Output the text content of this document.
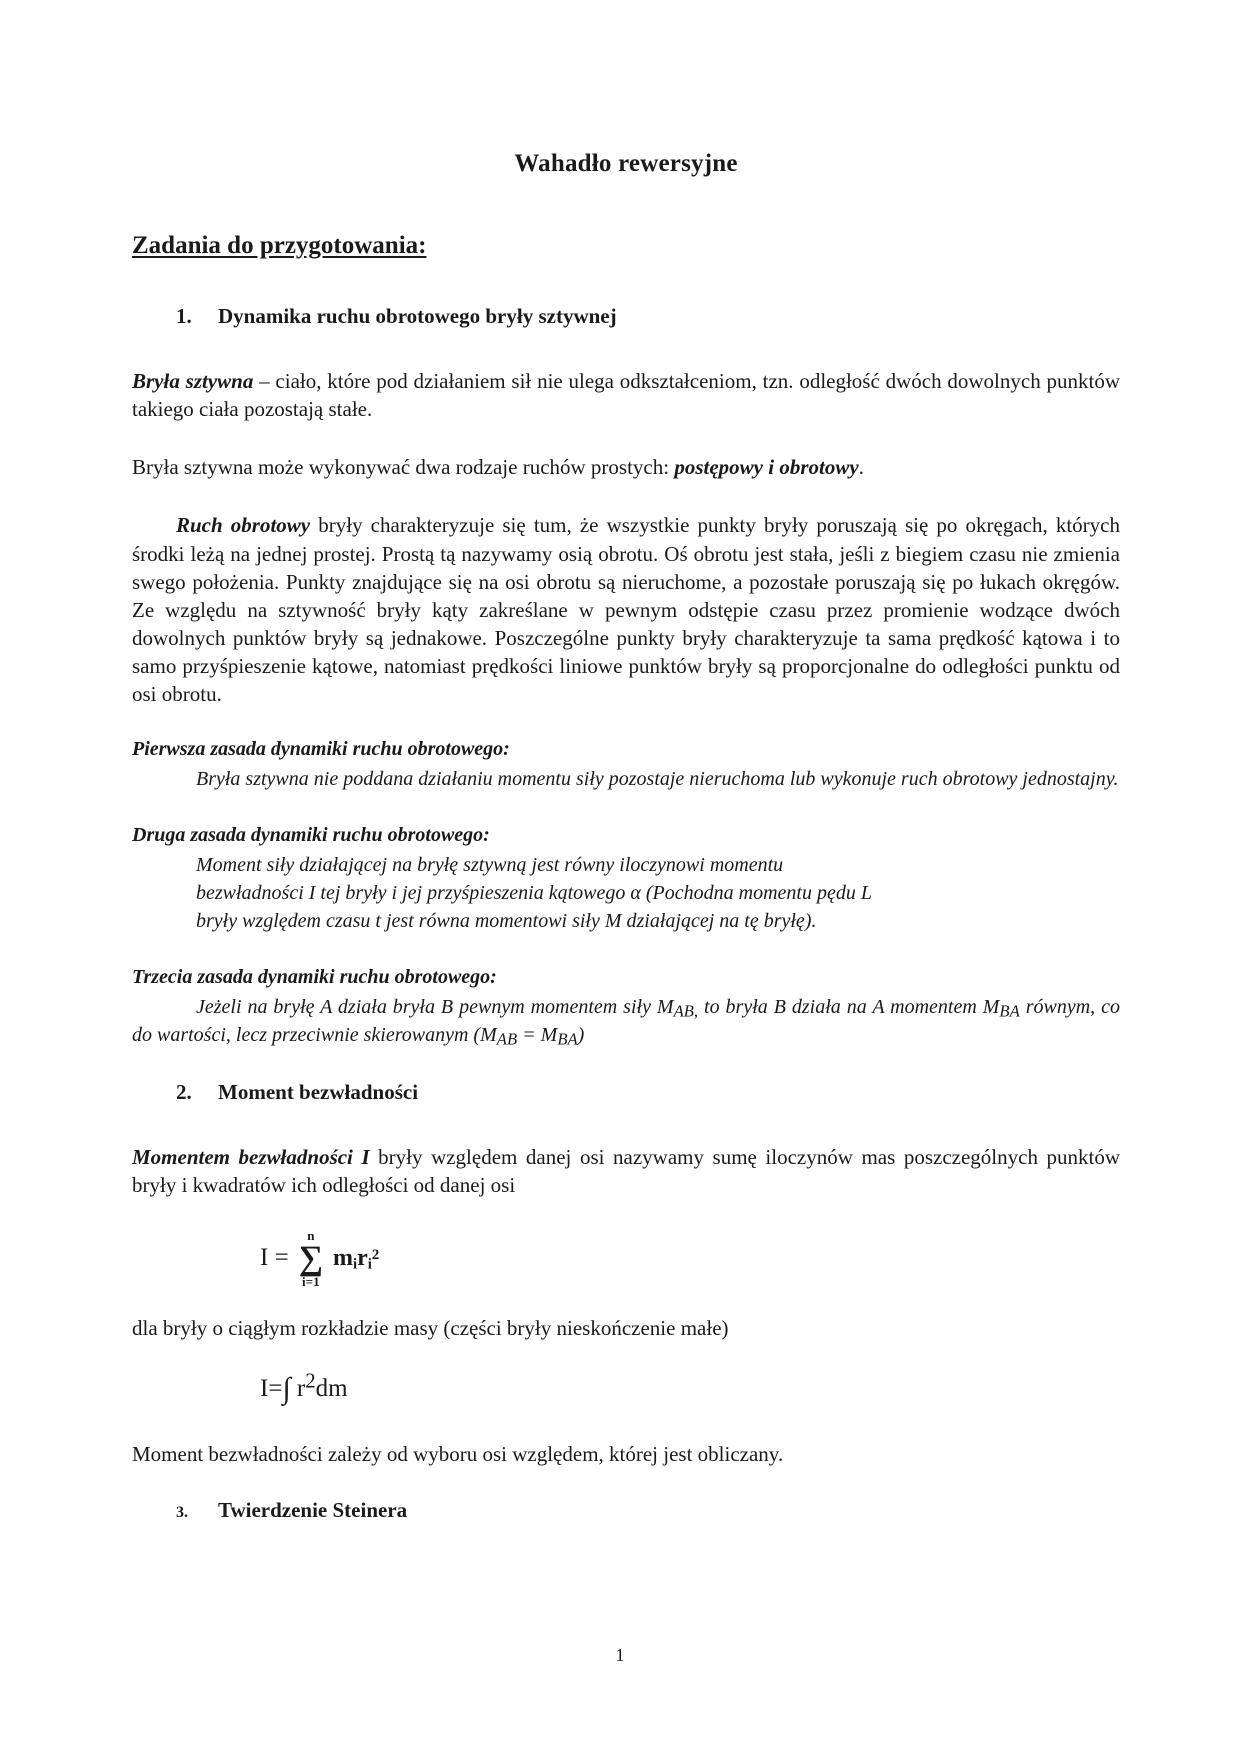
Wahadło rewersyjne
Zadania do przygotowania:
1.	Dynamika ruchu obrotowego bryły sztywnej

Bryła sztywna – ciało, które pod działaniem sił nie ulega odkształceniom, tzn. odległość dwóch dowolnych punktów takiego ciała pozostają stałe.

Bryła sztywna może wykonywać dwa rodzaje ruchów prostych: postępowy i obrotowy.

Ruch obrotowy bryły charakteryzuje się tum, że wszystkie punkty bryły poruszają się po okręgach, których środki leżą na jednej prostej. Prostą tą nazywamy osią obrotu. Oś obrotu jest stała, jeśli z biegiem czasu nie zmienia swego położenia. Punkty znajdujące się na osi obrotu są nieruchome, a pozostałe poruszają się po łukach okręgów. Ze względu na sztywność bryły kąty zakreślane w pewnym odstępie czasu przez promienie wodzące dwóch dowolnych punktów bryły są jednakowe. Poszczególne punkty bryły charakteryzuje ta sama prędkość kątowa i to samo przyśpieszenie kątowe, natomiast prędkości liniowe punktów bryły są proporcjonalne do odległości punktu od osi obrotu.

Pierwsza zasada dynamiki ruchu obrotowego:
Bryła sztywna nie poddana działaniu momentu siły pozostaje nieruchoma lub wykonuje ruch obrotowy jednostajny.
Druga zasada dynamiki ruchu obrotowego:
Moment siły działającej na bryłę sztywną jest równy iloczynowi momentu
bezwładności I tej bryły i jej przyśpieszenia kątowego α (Pochodna momentu pędu L
bryły względem czasu t jest równa momentowi siły M działającej na tę bryłę).
Trzecia zasada dynamiki ruchu obrotowego:
Jeżeli na bryłę A działa bryła B pewnym momentem siły $M_{AB,}$ to bryła B działa na A momentem $M_{BA}$ równym, co do wartości, lecz przeciwnie skierowanym $(M_{AB} = M_{BA})$
2.	Moment bezwładności

Momentem bezwładności I bryły względem danej osi nazywamy sumę iloczynów mas poszczególnych punktów bryły i kwadratów ich odległości od danej osi

I =
n
∑
i=1
$m_ir_i^2$

dla bryły o ciągłym rozkładzie masy (części bryły nieskończenie małe)

I=∫ $r^2dm$

Moment bezwładności zależy od wyboru osi względem, której jest obliczany.

3.	Twierdzenie Steinera
1
